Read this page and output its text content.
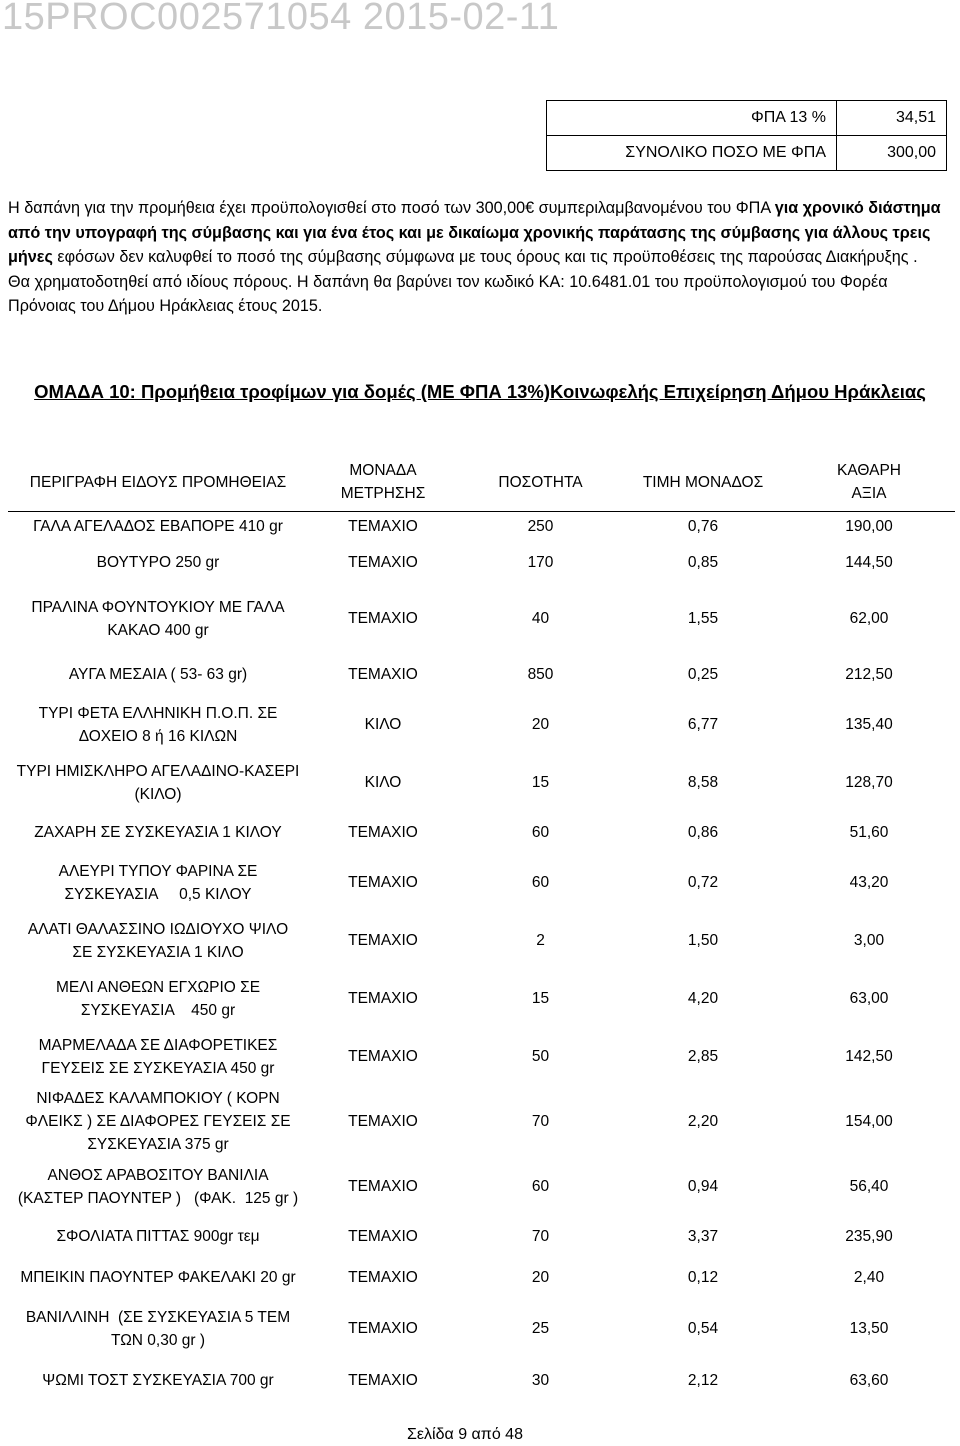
15PROC002571054 2015-02-11
ΦΠΑ 13 %	34,51
ΣΥΝΟΛΙΚΟ ΠΟΣΟ ΜΕ ΦΠΑ	300,00
Η δαπάνη για την προμήθεια έχει προϋπολογισθεί στο ποσό των 300,00€ συμπεριλαμβανομένου του ΦΠΑ για χρονικό διάστημα από την υπογραφή της σύμβασης και για ένα έτος και με δικαίωμα χρονικής παράτασης της σύμβασης για άλλους τρεις μήνες εφόσων δεν καλυφθεί το ποσό της σύμβασης σύμφωνα με τους όρους και τις προϋποθέσεις της παρούσας Διακήρυξης .
Θα χρηματοδοτηθεί από ιδίους πόρους. Η δαπάνη θα βαρύνει τον κωδικό ΚΑ: 10.6481.01 του προϋπολογισμού του Φορέα Πρόνοιας του Δήμου Ηράκλειας έτους 2015.
ΟΜΑΔΑ 10: Προμήθεια τροφίμων για δομές (ΜΕ ΦΠΑ 13%)Κοινωφελής Επιχείρηση Δήμου Ηράκλειας
ΠΕΡΙΓΡΑΦΗ ΕΙΔΟΥΣ ΠΡΟΜΗΘΕΙΑΣ	ΜΟΝΑΔΑ
ΜΕΤΡΗΣΗΣ	ΠΟΣΟΤΗΤΑ	ΤΙΜΗ ΜΟΝΑΔΟΣ	ΚΑΘΑΡΗ
ΑΞΙΑ
ΓΑΛΑ ΑΓΕΛΑΔΟΣ ΕΒΑΠΟΡΕ 410 gr	ΤΕΜΑΧΙΟ	250	0,76	190,00
ΒΟΥΤΥΡΟ 250 gr	ΤΕΜΑΧΙΟ	170	0,85	144,50
ΠΡΑΛΙΝΑ ΦΟΥΝΤΟΥΚΙΟΥ ΜΕ ΓΑΛΑ
ΚΑΚΑΟ 400 gr	ΤΕΜΑΧΙΟ	40	1,55	62,00
ΑΥΓΑ ΜΕΣΑΙΑ ( 53- 63 gr)	ΤΕΜΑΧΙΟ	850	0,25	212,50
ΤΥΡΙ ΦΕΤΑ ΕΛΛΗΝΙΚΗ Π.Ο.Π. ΣΕ
ΔΟΧΕΙΟ 8 ή 16 ΚΙΛΩΝ	ΚΙΛΟ	20	6,77	135,40
ΤΥΡΙ ΗΜΙΣΚΛΗΡΟ ΑΓΕΛΑΔΙΝΟ-ΚΑΣΕΡΙ
(ΚΙΛΟ)	ΚΙΛΟ	15	8,58	128,70
ΖΑΧΑΡΗ ΣΕ ΣΥΣΚΕΥΑΣΙΑ 1 ΚΙΛΟΥ	ΤΕΜΑΧΙΟ	60	0,86	51,60
ΑΛΕΥΡΙ ΤΥΠΟΥ ΦΑΡΙΝΑ ΣΕ
ΣΥΣΚΕΥΑΣΙΑ     0,5 ΚΙΛΟΥ	ΤΕΜΑΧΙΟ	60	0,72	43,20
ΑΛΑΤΙ ΘΑΛΑΣΣΙΝΟ ΙΩΔΙΟΥΧΟ ΨΙΛΟ
ΣΕ ΣΥΣΚΕΥΑΣΙΑ 1 ΚΙΛΟ	ΤΕΜΑΧΙΟ	2	1,50	3,00
ΜΕΛΙ ΑΝΘΕΩΝ ΕΓΧΩΡΙΟ ΣΕ
ΣΥΣΚΕΥΑΣΙΑ    450 gr	ΤΕΜΑΧΙΟ	15	4,20	63,00
ΜΑΡΜΕΛΑΔΑ ΣΕ ΔΙΑΦΟΡΕΤΙΚΕΣ
ΓΕΥΣΕΙΣ ΣΕ ΣΥΣΚΕΥΑΣΙΑ 450 gr	ΤΕΜΑΧΙΟ	50	2,85	142,50
ΝΙΦΑΔΕΣ ΚΑΛΑΜΠΟΚΙΟΥ ( ΚΟΡΝ
ΦΛΕΙΚΣ ) ΣΕ ΔΙΑΦΟΡΕΣ ΓΕΥΣΕΙΣ ΣΕ
ΣΥΣΚΕΥΑΣΙΑ 375 gr	ΤΕΜΑΧΙΟ	70	2,20	154,00
ΑΝΘΟΣ ΑΡΑΒΟΣΙΤΟΥ ΒΑΝΙΛΙΑ
(ΚΑΣΤΕΡ ΠΑΟΥΝΤΕΡ )   (ΦΑΚ.  125 gr )	ΤΕΜΑΧΙΟ	60	0,94	56,40
ΣΦΟΛΙΑΤΑ ΠΙΤΤΑΣ 900gr τεμ	ΤΕΜΑΧΙΟ	70	3,37	235,90
ΜΠΕΙΚΙΝ ΠΑΟΥΝΤΕΡ ΦΑΚΕΛΑΚΙ 20 gr	ΤΕΜΑΧΙΟ	20	0,12	2,40
ΒΑΝΙΛΛΙΝΗ  (ΣΕ ΣΥΣΚΕΥΑΣΙΑ 5 ΤΕΜ
ΤΩΝ 0,30 gr )	ΤΕΜΑΧΙΟ	25	0,54	13,50
ΨΩΜΙ ΤΟΣΤ ΣΥΣΚΕΥΑΣΙΑ 700 gr	ΤΕΜΑΧΙΟ	30	2,12	63,60
Σελίδα 9 από 48
